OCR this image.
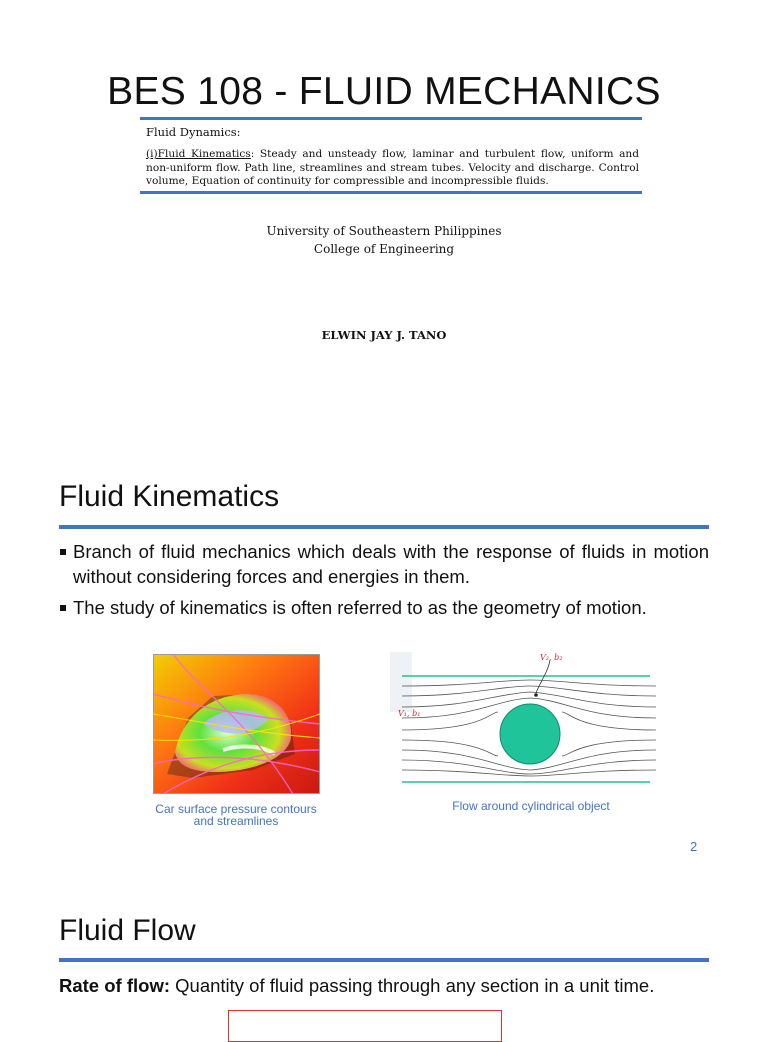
BES 108 - FLUID MECHANICS
Fluid Dynamics:
(i)Fluid Kinematics: Steady and unsteady flow, laminar and turbulent flow, uniform and non-uniform flow. Path line, streamlines and stream tubes. Velocity and discharge. Control volume, Equation of continuity for compressible and incompressible fluids.
University of Southeastern Philippines
College of Engineering
ELWIN JAY J. TANO
Fluid Kinematics
Branch of fluid mechanics which deals with the response of fluids in motion without considering forces and energies in them.
The study of kinematics is often referred to as the geometry of motion.
Car surface pressure contours
and streamlines
V₂, b₂
V₁, b₁
Flow around cylindrical object
2
Fluid Flow
Rate of flow: Quantity of fluid passing through any section in a unit time.
